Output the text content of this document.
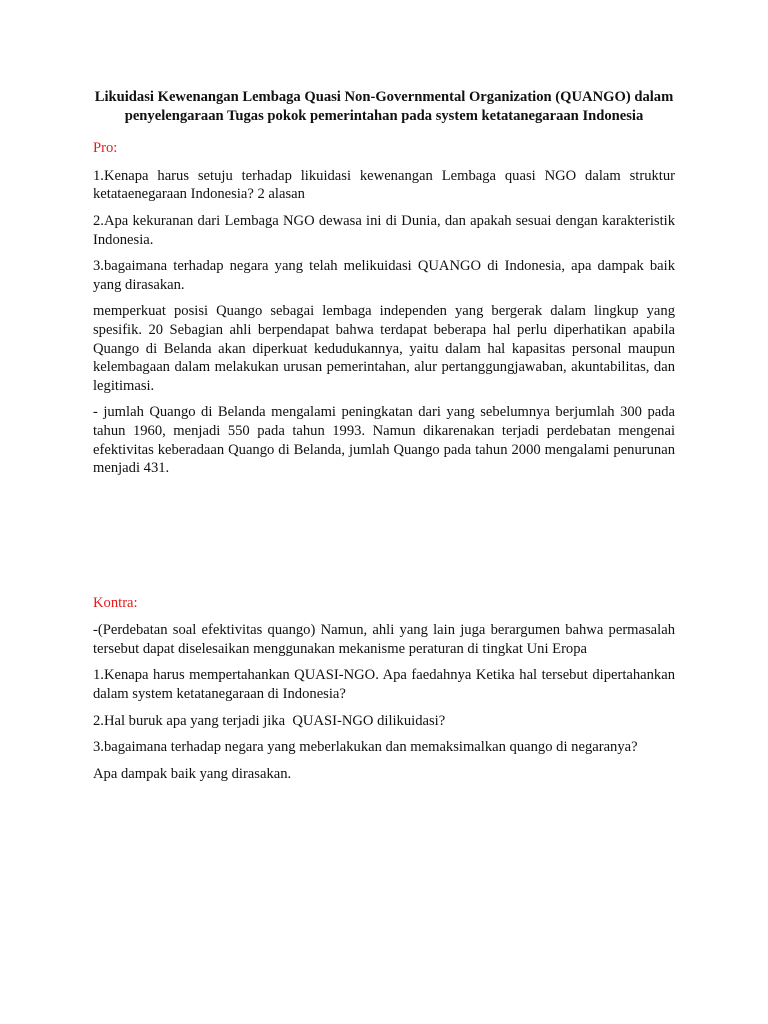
Likuidasi Kewenangan Lembaga Quasi Non-Governmental Organization (QUANGO) dalam penyelengaraan Tugas pokok pemerintahan pada system ketatanegaraan Indonesia
Pro:

1.Kenapa harus setuju terhadap likuidasi kewenangan Lembaga quasi NGO dalam struktur ketataenegaraan Indonesia? 2 alasan

2.Apa kekuranan dari Lembaga NGO dewasa ini di Dunia, dan apakah sesuai dengan karakteristik Indonesia.

3.bagaimana terhadap negara yang telah melikuidasi QUANGO di Indonesia, apa dampak baik yang dirasakan.

memperkuat posisi Quango sebagai lembaga independen yang bergerak dalam lingkup yang spesifik. 20 Sebagian ahli berpendapat bahwa terdapat beberapa hal perlu diperhatikan apabila Quango di Belanda akan diperkuat kedudukannya, yaitu dalam hal kapasitas personal maupun kelembagaan dalam melakukan urusan pemerintahan, alur pertanggungjawaban, akuntabilitas, dan legitimasi.

- jumlah Quango di Belanda mengalami peningkatan dari yang sebelumnya berjumlah 300 pada tahun 1960, menjadi 550 pada tahun 1993. Namun dikarenakan terjadi perdebatan mengenai efektivitas keberadaan Quango di Belanda, jumlah Quango pada tahun 2000 mengalami penurunan menjadi 431.

Kontra:

-(Perdebatan soal efektivitas quango) Namun, ahli yang lain juga berargumen bahwa permasalah tersebut dapat diselesaikan menggunakan mekanisme peraturan di tingkat Uni Eropa

1.Kenapa harus mempertahankan QUASI-NGO. Apa faedahnya Ketika hal tersebut dipertahankan dalam system ketatanegaraan di Indonesia?

2.Hal buruk apa yang terjadi jika  QUASI-NGO dilikuidasi?

3.bagaimana terhadap negara yang meberlakukan dan memaksimalkan quango di negaranya?

Apa dampak baik yang dirasakan.
